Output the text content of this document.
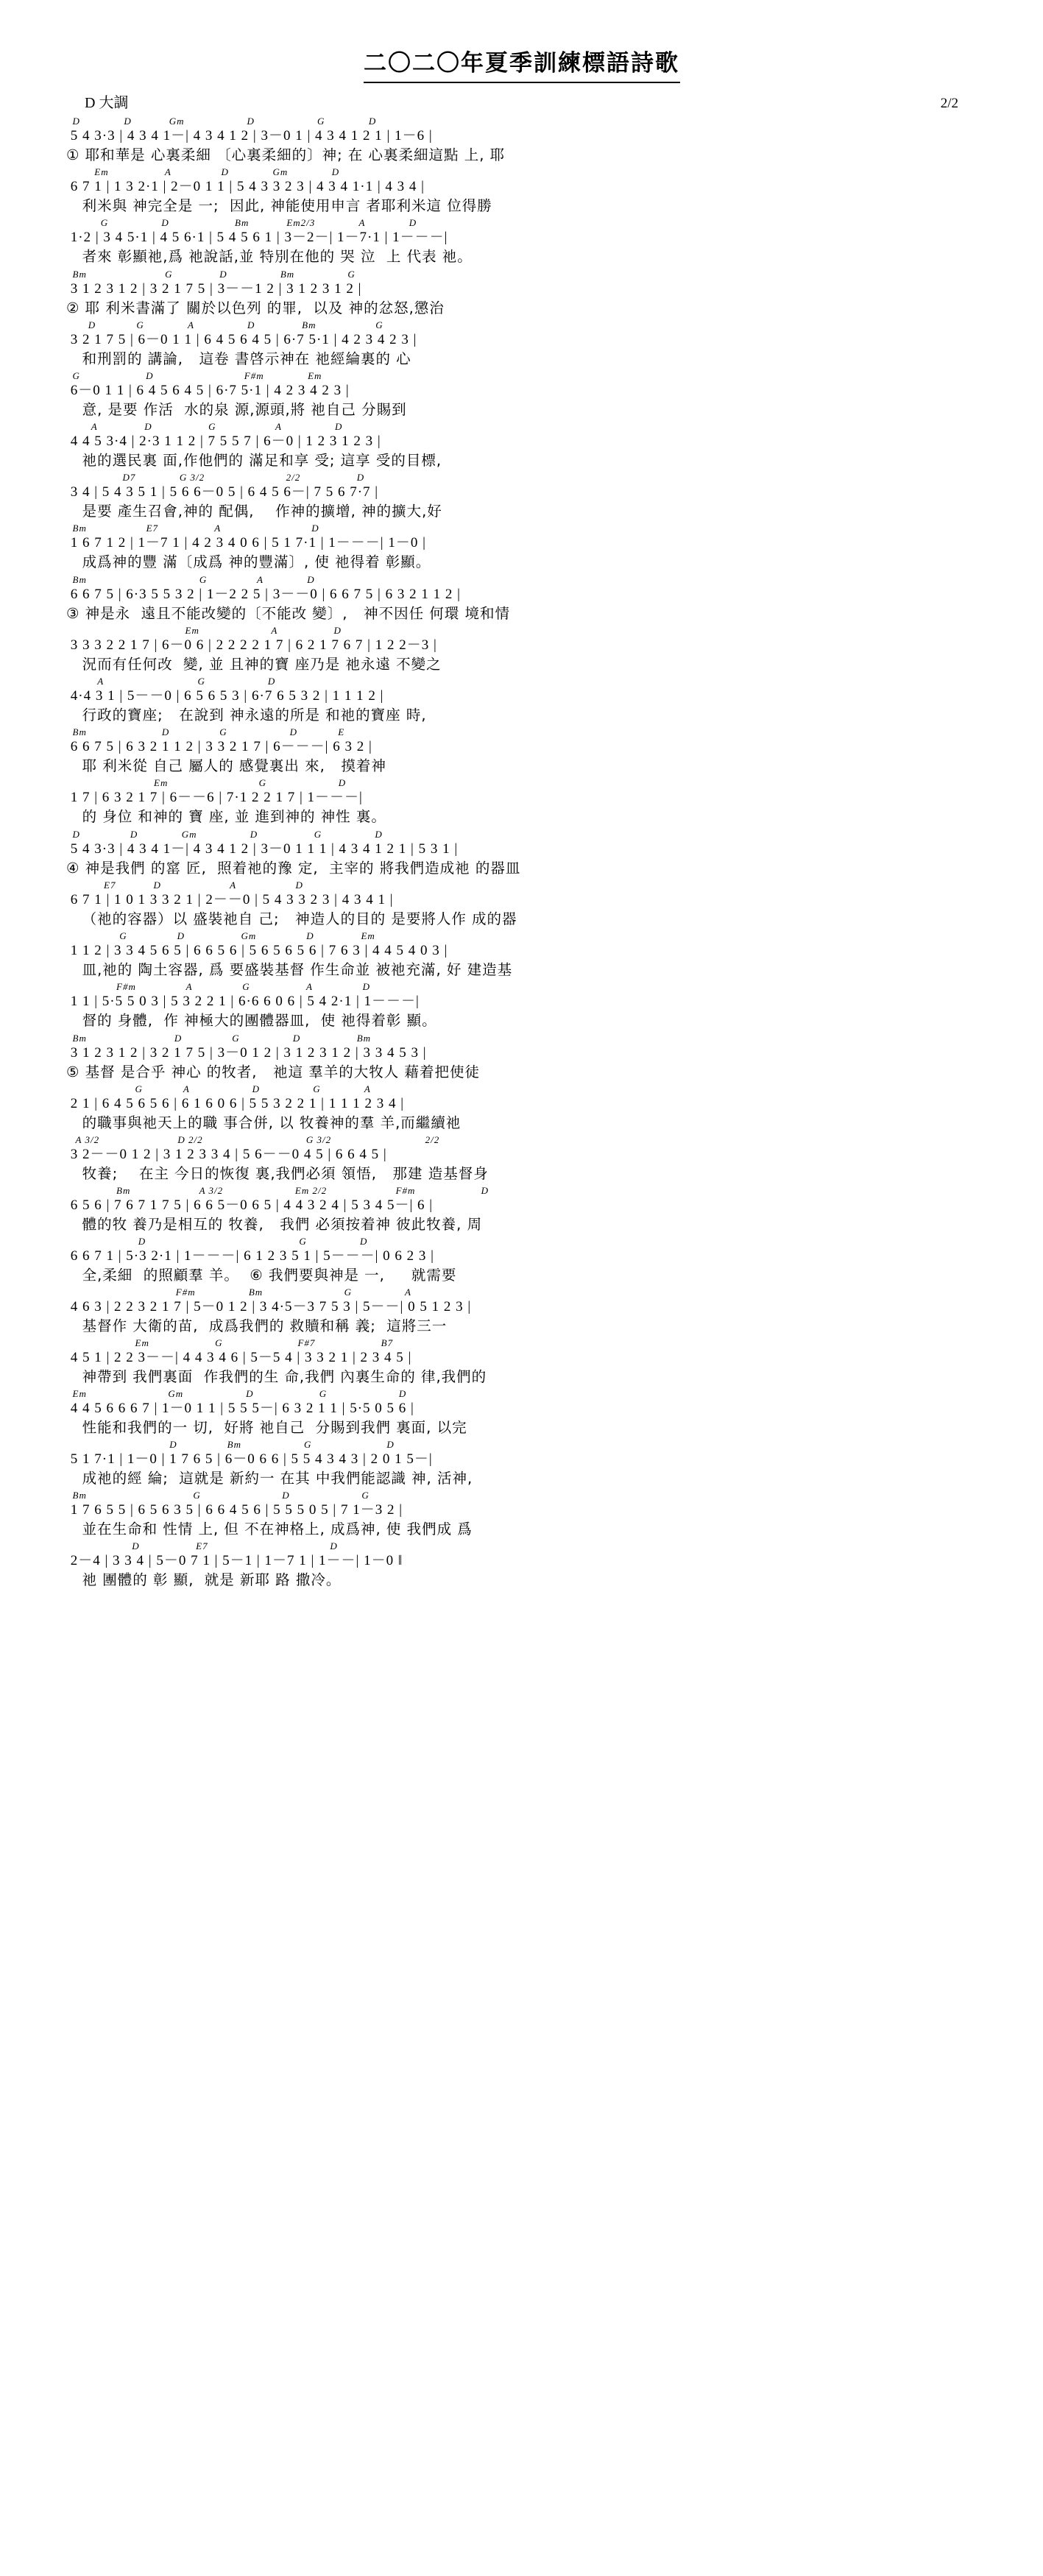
二〇二〇年夏季訓練標語詩歌
D 大調	2/2
D              D            Gm                    D                    G              D
5 4 3·3 | 4 3 4 1－| 4 3 4 1 2 | 3－0 1 | 4 3 4 1 2 1 | 1－6 |
① 耶和華是 心裏柔細 〔心裏柔細的〕神; 在 心裏柔細這點 上, 耶
Em                  A                D              Gm              D
6 7 1 | 1 3 2·1 | 2－0 1 1 | 5 4 3 3 2 3 | 4 3 4 1·1 | 4 3 4 |
利米與 神完全是 一;  因此, 神能使用申言 者耶利米這 位得勝
G                 D                     Bm            Em2/3              A              D
1·2 | 3 4 5·1 | 4 5 6·1 | 5 4 5 6 1 | 3－2－| 1－7·1 | 1－－－|
者來 彰顯祂,爲 祂說話,並 特別在他的 哭 泣  上 代表 祂。
Bm                         G               D                 Bm                 G
3 1 2 3 1 2 | 3 2 1 7 5 | 3－－1 2 | 3 1 2 3 1 2 |
② 耶 利米書滿了 關於以色列 的罪,  以及 神的忿怒,懲治
D             G              A                 D               Bm                   G
3 2 1 7 5 | 6－0 1 1 | 6 4 5 6 4 5 | 6·7 5·1 | 4 2 3 4 2 3 |
和刑罰的 講論,   這卷 書啓示神在 祂經綸裏的 心
G                     D                             F#m              Em
6－0 1 1 | 6 4 5 6 4 5 | 6·7 5·1 | 4 2 3 4 2 3 |
意, 是要 作活  水的泉 源,源頭,將 祂自己 分賜到
A               D                  G                   A                 D
4 4 5 3·4 | 2·3 1 1 2 | 7 5 5 7 | 6－0 | 1 2 3 1 2 3 |
祂的選民裏 面,作他們的 滿足和享 受; 這享 受的目標,
D7              G 3/2                          2/2                  D
3 4 | 5 4 3 5 1 | 5 6 6－0 5 | 6 4 5 6－| 7 5 6 7·7 |
是要 產生召會,神的 配偶,    作神的擴增, 神的擴大,好
Bm                   E7                  A                             D
1 6 7 1 2 | 1－7 1 | 4 2 3 4 0 6 | 5 1 7·1 | 1－－－| 1－0 |
成爲神的豐 滿〔成爲 神的豐滿〕, 使 祂得着 彰顯。
Bm                                    G                A              D
6 6 7 5 | 6·3 5 5 3 2 | 1－2 2 5 | 3－－0 | 6 6 7 5 | 6 3 2 1 1 2 |
③ 神是永  遠且不能改變的〔不能改 變〕,   神不因任 何環 境和情
Em                       A                  D
3 3 3 2 2 1 7 | 6－0 6 | 2 2 2 2 1 7 | 6 2 1 7 6 7 | 1 2 2－3 |
況而有任何改  變, 並 且神的寶 座乃是 祂永遠 不變之
A                              G                    D
4·4 3 1 | 5－－0 | 6 5 6 5 3 | 6·7 6 5 3 2 | 1 1 1 2 |
行政的寶座;   在說到 神永遠的所是 和祂的寶座 時,
Bm                        D                G                    D             E
6 6 7 5 | 6 3 2 1 1 2 | 3 3 2 1 7 | 6－－－| 6 3 2 |
耶 利米從 自己 屬人的 感覺裏出 來,   摸着神
Em                             G                       D
1 7 | 6 3 2 1 7 | 6－－6 | 7·1 2 2 1 7 | 1－－－|
的 身位 和神的 寶 座, 並 進到神的 神性 裏。
D                D              Gm                 D                  G                 D
5 4 3·3 | 4 3 4 1－| 4 3 4 1 2 | 3－0 1 1 1 | 4 3 4 1 2 1 | 5 3 1 |
④ 神是我們 的窰 匠,  照着祂的豫 定,  主宰的 將我們造成祂 的器皿
E7            D                      A                   D
6 7 1 | 1 0 1 3 3 2 1 | 2－－0 | 5 4 3 3 2 3 | 4 3 4 1 |
（祂的容器）以 盛裝祂自 己;   神造人的目的 是要將人作 成的器
G                D                  Gm                D               Em
1 1 2 | 3 3 4 5 6 5 | 6 6 5 6 | 5 6 5 6 5 6 | 7 6 3 | 4 4 5 4 0 3 |
皿,祂的 陶土容器, 爲 要盛裝基督 作生命並 被祂充滿, 好 建造基
F#m                A                G                  A                D
1 1 | 5·5 5 0 3 | 5 3 2 2 1 | 6·6 6 0 6 | 5 4 2·1 | 1－－－|
督的 身體,  作 神極大的團體器皿,  使 祂得着彰 顯。
Bm                            D                G                 D                  Bm
3 1 2 3 1 2 | 3 2 1 7 5 | 3－0 1 2 | 3 1 2 3 1 2 | 3 3 4 5 3 |
⑤ 基督 是合乎 神心 的牧者,   祂這 羣羊的大牧人 藉着把使徒
G             A                    D                 G              A
2 1 | 6 4 5 6 5 6 | 6 1 6 0 6 | 5 5 3 2 2 1 | 1 1 1 2 3 4 |
的職事與祂天上的職 事合併, 以 牧養神的羣 羊,而繼續祂
A 3/2                         D 2/2                                 G 3/2                              2/2
3 2－－0 1 2 | 3 1 2 3 3 4 | 5 6－－0 4 5 | 6 6 4 5 |
牧養;    在主 今日的恢復 裏,我們必須 領悟,   那建 造基督身
Bm                      A 3/2                       Em 2/2                      F#m                     D
6 5 6 | 7 6 7 1 7 5 | 6 6 5－0 6 5 | 4 4 3 2 4 | 5 3 4 5－| 6 |
體的牧 養乃是相互的 牧養,   我們 必須按着神 彼此牧養, 周
D                                                 G                 D
6 6 7 1 | 5·3 2·1 | 1－－－| 6 1 2 3 5 1 | 5－－－| 0 6 2 3 |
全,柔細  的照顧羣 羊。  ⑥ 我們要與神是 一,     就需要
F#m                 Bm                          G                 A
4 6 3 | 2 2 3 2 1 7 | 5－0 1 2 | 3 4·5－3 7 5 3 | 5－－| 0 5 1 2 3 |
基督作 大衛的苗,  成爲我們的 救贖和稱 義;  這將三一
Em                     G                        F#7                     B7
4 5 1 | 2 2 3－－| 4 4 3 4 6 | 5－5 4 | 3 3 2 1 | 2 3 4 5 |
神帶到 我們裏面  作我們的生 命,我們 內裏生命的 律,我們的
Em                          Gm                    D                     G                       D
4 4 5 6 6 6 7 | 1－0 1 1 | 5 5 5－| 6 3 2 1 1 | 5·5 0 5 6 |
性能和我們的一 切,  好將 祂自己  分賜到我們 裏面, 以完
D                Bm                    G                        D
5 1 7·1 | 1－0 | 1 7 6 5 | 6－0 6 6 | 5 5 4 3 4 3 | 2 0 1 5－|
成祂的經 綸;  這就是 新約一 在其 中我們能認識 神, 活神,
Bm                                  G                          D                       G
1 7 6 5 5 | 6 5 6 3 5 | 6 6 4 5 6 | 5 5 5 0 5 | 7 1－3 2 |
並在生命和 性情 上, 但 不在神格上, 成爲神, 使 我們成 爲
D                  E7                                       D
2－4 | 3 3 4 | 5－0 7 1 | 5－1 | 1－7 1 | 1－－| 1－0 ‖
祂 團體的 彰 顯,  就是 新耶 路 撒冷。
